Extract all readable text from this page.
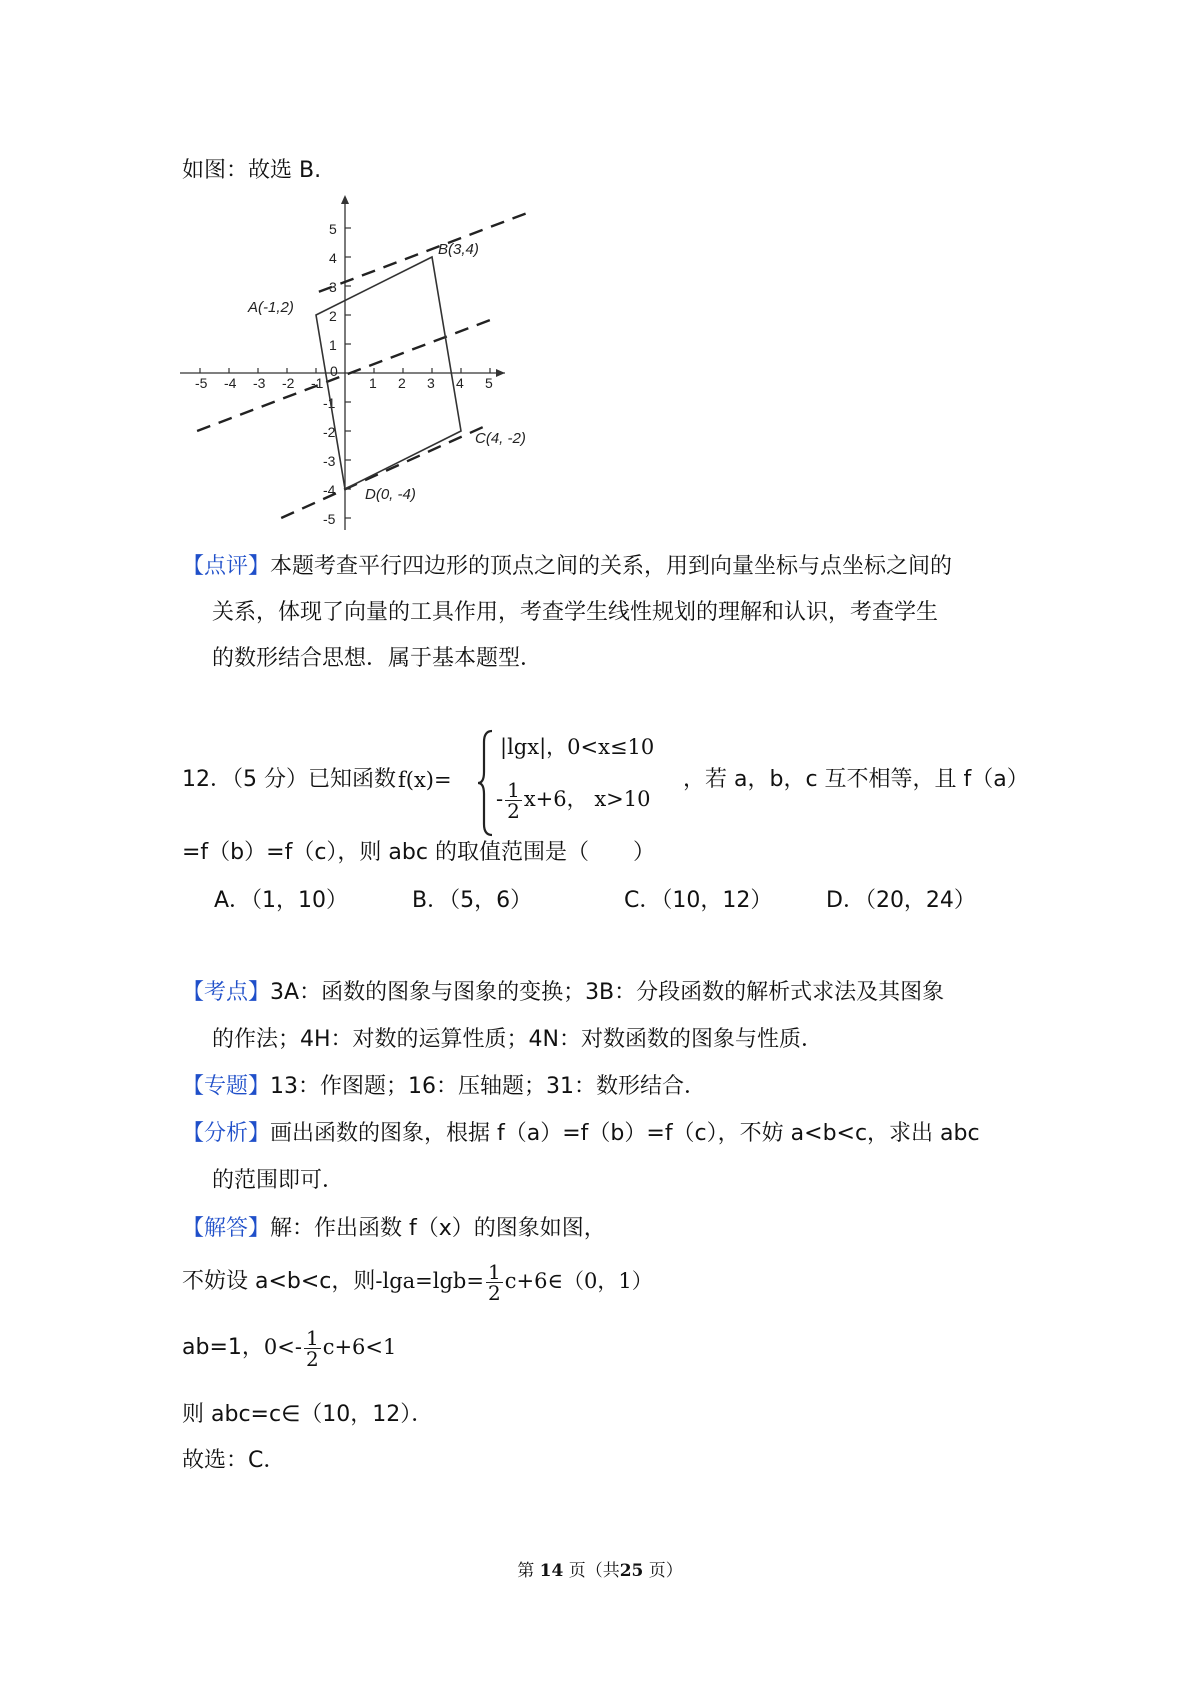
如图：故选 B.
-5 -4 -3 -2 -1	1 2 3 4 5
5
4
3
2
1
0
-1
-2
-3
-4
-5
A(-1,2)
B(3,4)
C(4, -2)
D(0, -4)
【点评】本题考查平行四边形的顶点之间的关系，用到向量坐标与点坐标之间的
关系，体现了向量的工具作用，考查学生线性规划的理解和认识，考查学生
的数形结合思想．属于基本题型．
12．（5 分）已知函数 f(x)=
|lgx|，0<x≤10
- $\frac{1}{2} x+6$， x>10
，若 a，b，c 互不相等，且 f（a）
=f（b）=f（c），则 abc 的取值范围是（　　）
A．（1，10）	B．（5，6）	C．（10，12） D．（20，24）
【考点】3A：函数的图象与图象的变换；3B：分段函数的解析式求法及其图象
的作法；4H：对数的运算性质；4N：对数函数的图象与性质．
【专题】13：作图题；16：压轴题；31：数形结合．
【分析】画出函数的图象，根据 f（a）=f（b）=f（c），不妨 a<b<c，求出 abc
的范围即可．
【解答】解：作出函数 f（x）的图象如图，
不妨设 a<b<c，则$-\lg a=\lg b= \frac{1}{2}$ c+6∈（0，1）
ab=1，$0<- \frac{1}{2} c+6<1$
则 abc=c∈（10，12）．
故选：C．
第 14 页（共25 页）
